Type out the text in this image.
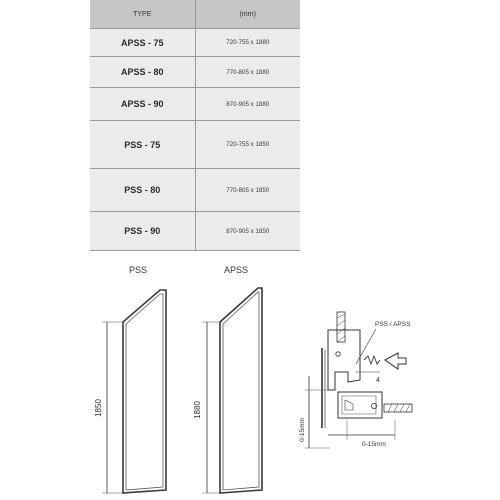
TYPE	(mm)
APSS - 75	720-755 x 1880
APSS - 80	770-805 x 1880
APSS - 90	870-905 x 1880
PSS - 75	720-755 x 1850
PSS - 80	770-805 x 1850
PSS - 90	870-905 x 1850
PSS
1850
APSS
1880
PSS / APSS
4
0-15mm
0-15mm
